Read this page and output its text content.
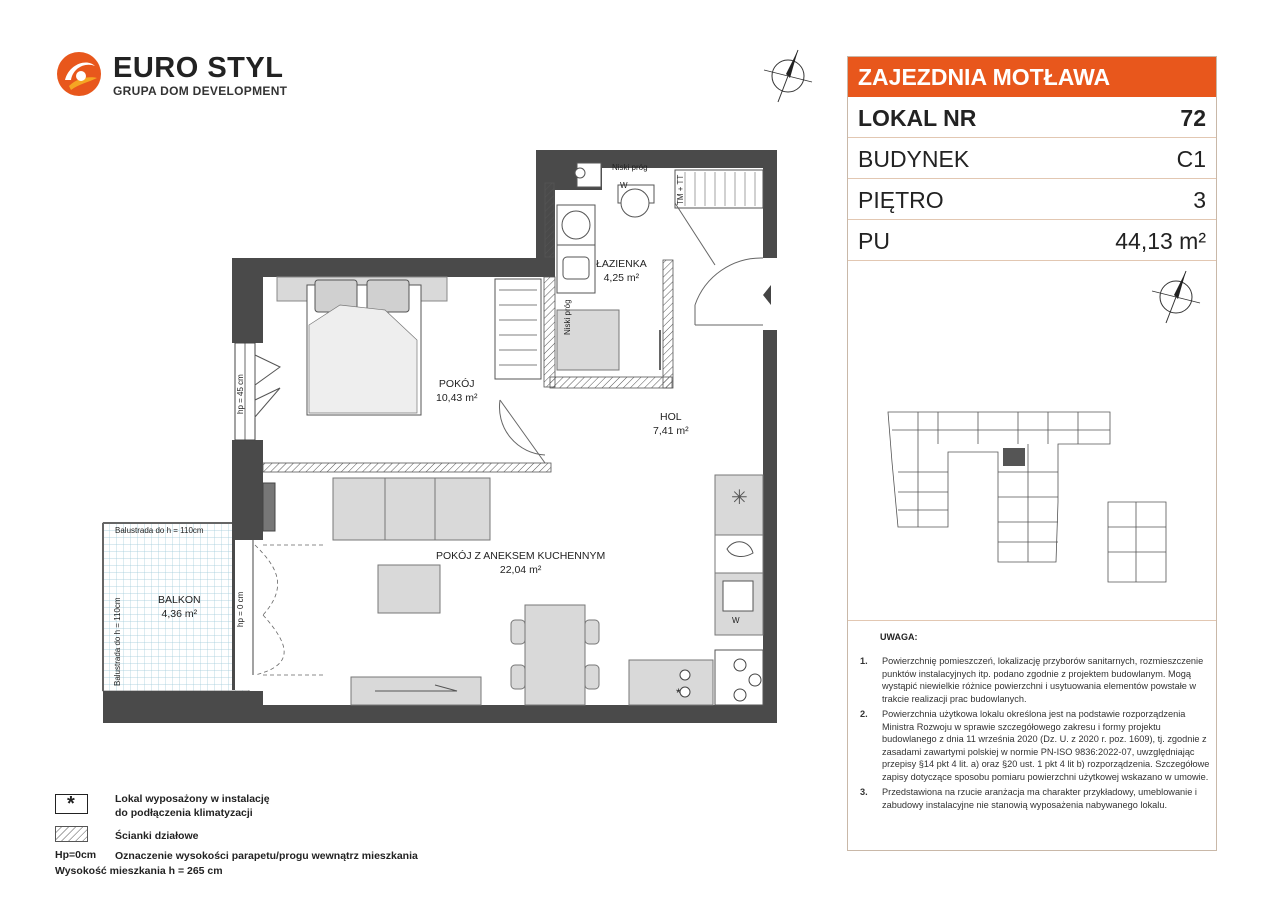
EURO STYL
GRUPA DOM DEVELOPMENT
ŁAZIENKA
4,25 m²
POKÓJ
10,43 m²
HOL
7,41 m²
POKÓJ Z ANEKSEM KUCHENNYM
22,04 m²
BALKON
4,36 m²
Niski próg
W
W
Balustrada do h = 110cm
TM + TT
Niski próg
hp = 45 cm
hp = 0 cm
Balustrada do h = 110cm
*
✳
ZAJEZDNIA MOTŁAWA
LOKAL NR	72
BUDYNEK	C1
PIĘTRO	3
PU	44,13 m²
UWAGA:
1. Powierzchnię pomieszczeń, lokalizację przyborów sanitarnych, rozmieszczenie punktów instalacyjnych itp. podano zgodnie z projektem budowlanym. Mogą wystąpić niewielkie różnice powierzchni i usytuowania elementów powstałe w trakcie realizacji prac budowlanych.
2. Powierzchnia użytkowa lokalu określona jest na podstawie rozporządzenia Ministra Rozwoju w sprawie szczegółowego zakresu i formy projektu budowlanego z dnia 11 września 2020 (Dz. U. z 2020 r. poz. 1609), tj. zgodnie z zasadami zawartymi polskiej w normie PN-ISO 9836:2022-07, uwzględniając przepisy §14 pkt 4 lit. a) oraz §20 ust. 1 pkt 4 lit b) rozporządzenia. Szczegółowe zapisy dotyczące sposobu pomiaru powierzchni użytkowej wskazano w umowie.
3. Przedstawiona na rzucie aranżacja ma charakter przykładowy, umeblowanie i zabudowy instalacyjne nie stanowią wyposażenia nabywanego lokalu.
*	Lokal wyposażony w instalację
do podłączenia klimatyzacji
Ścianki działowe
Hp=0cm Oznaczenie wysokości parapetu/progu wewnątrz mieszkania
Wysokość mieszkania h = 265 cm
